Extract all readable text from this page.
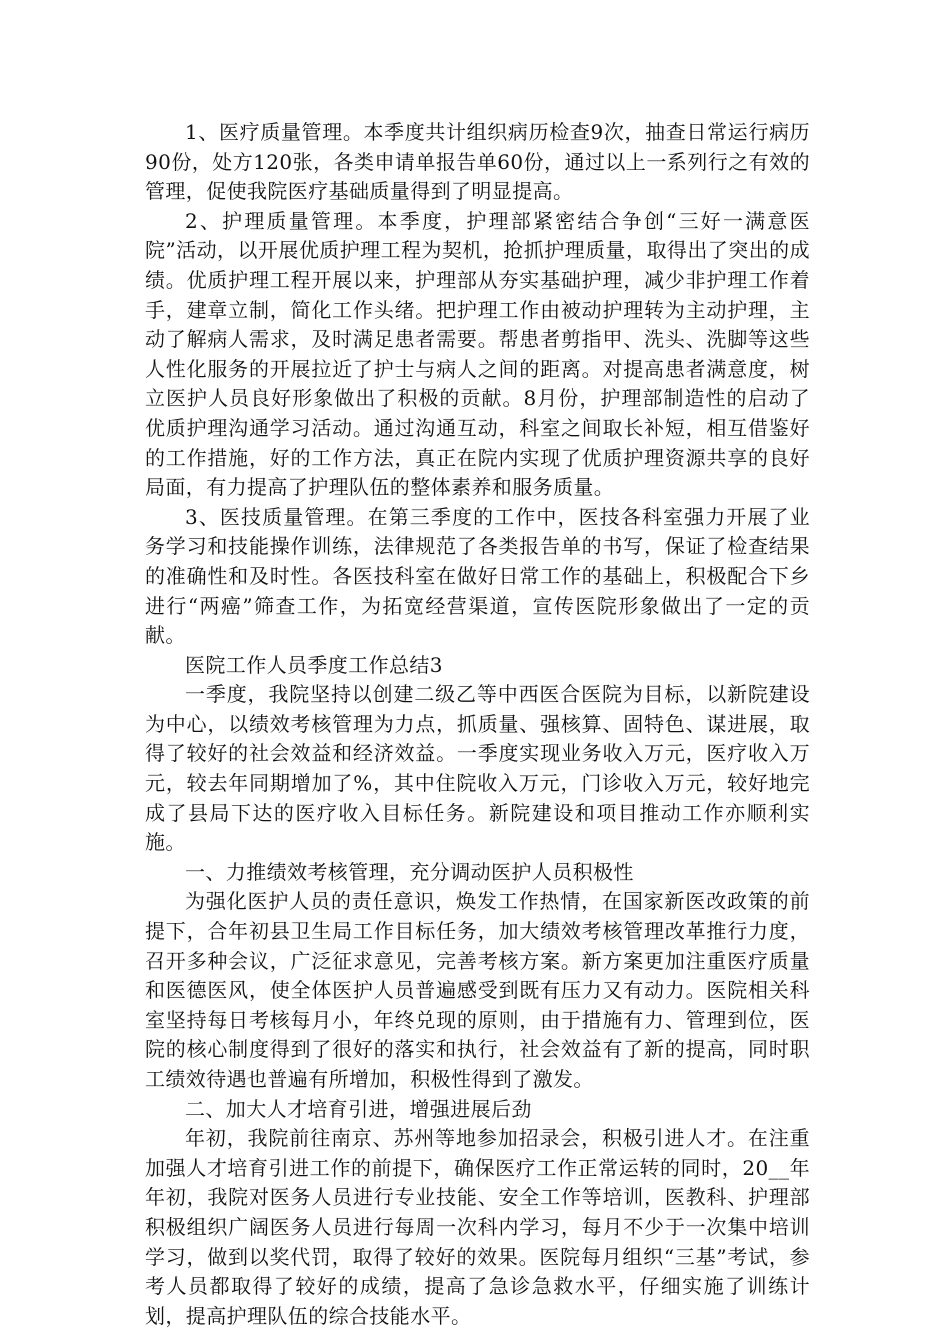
1、医疗质量管理。本季度共计组织病历检查9次，抽查日常运行病历90份，处方120张，各类申请单报告单60份，通过以上一系列行之有效的管理，促使我院医疗基础质量得到了明显提高。

2、护理质量管理。本季度，护理部紧密结合争创“三好一满意医院”活动，以开展优质护理工程为契机，抢抓护理质量，取得出了突出的成绩。优质护理工程开展以来，护理部从夯实基础护理，减少非护理工作着手，建章立制，简化工作头绪。把护理工作由被动护理转为主动护理，主动了解病人需求，及时满足患者需要。帮患者剪指甲、洗头、洗脚等这些人性化服务的开展拉近了护士与病人之间的距离。对提高患者满意度，树立医护人员良好形象做出了积极的贡献。8月份，护理部制造性的启动了优质护理沟通学习活动。通过沟通互动，科室之间取长补短，相互借鉴好的工作措施，好的工作方法，真正在院内实现了优质护理资源共享的良好局面，有力提高了护理队伍的整体素养和服务质量。

3、医技质量管理。在第三季度的工作中，医技各科室强力开展了业务学习和技能操作训练，法律规范了各类报告单的书写，保证了检查结果的准确性和及时性。各医技科室在做好日常工作的基础上，积极配合下乡进行“两癌”筛查工作，为拓宽经营渠道，宣传医院形象做出了一定的贡献。

医院工作人员季度工作总结3

一季度，我院坚持以创建二级乙等中西医合医院为目标，以新院建设为中心，以绩效考核管理为力点，抓质量、强核算、固特色、谋进展，取得了较好的社会效益和经济效益。一季度实现业务收入万元，医疗收入万元，较去年同期增加了%，其中住院收入万元，门诊收入万元，较好地完成了县局下达的医疗收入目标任务。新院建设和项目推动工作亦顺利实施。

一、力推绩效考核管理，充分调动医护人员积极性

为强化医护人员的责任意识，焕发工作热情，在国家新医改政策的前提下，合年初县卫生局工作目标任务，加大绩效考核管理改革推行力度，召开多种会议，广泛征求意见，完善考核方案。新方案更加注重医疗质量和医德医风，使全体医护人员普遍感受到既有压力又有动力。医院相关科室坚持每日考核每月小，年终兑现的原则，由于措施有力、管理到位，医院的核心制度得到了很好的落实和执行，社会效益有了新的提高，同时职工绩效待遇也普遍有所增加，积极性得到了激发。

二、加大人才培育引进，增强进展后劲

年初，我院前往南京、苏州等地参加招录会，积极引进人才。在注重加强人才培育引进工作的前提下，确保医疗工作正常运转的同时，20__年年初，我院对医务人员进行专业技能、安全工作等培训，医教科、护理部积极组织广阔医务人员进行每周一次科内学习，每月不少于一次集中培训学习，做到以奖代罚，取得了较好的效果。医院每月组织“三基”考试，参考人员都取得了较好的成绩，提高了急诊急救水平，仔细实施了训练计划，提高护理队伍的综合技能水平。
